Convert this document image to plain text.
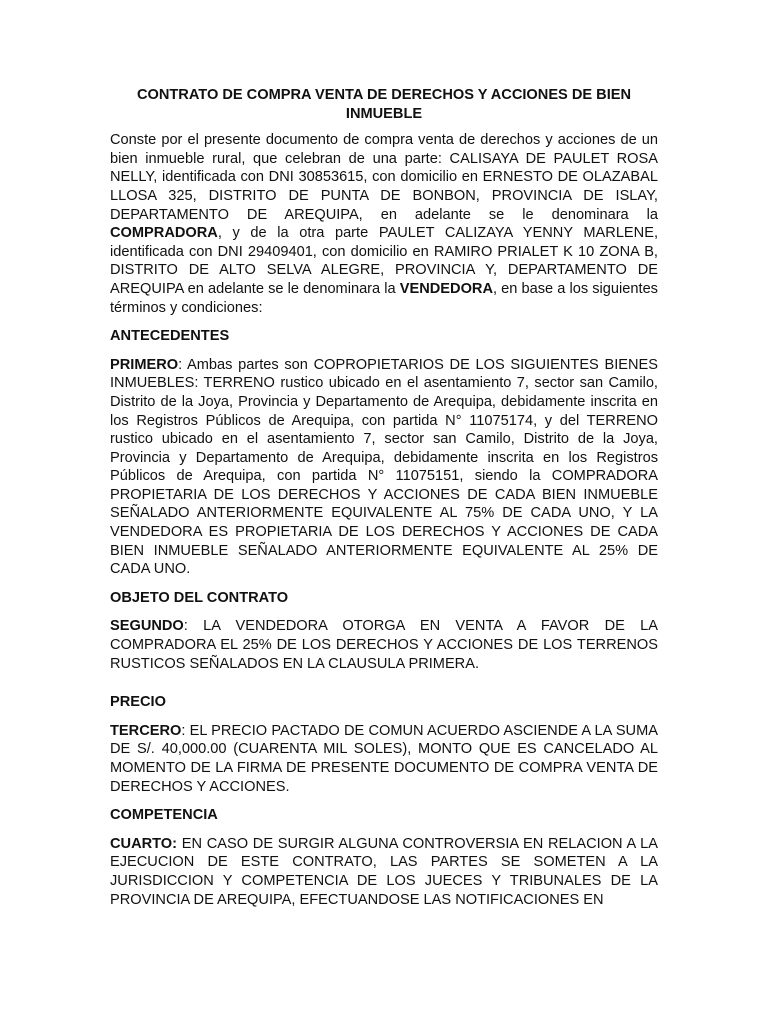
CONTRATO DE COMPRA VENTA DE DERECHOS Y ACCIONES DE BIEN INMUEBLE

Conste por el presente documento de compra venta de derechos y acciones de un bien inmueble rural, que celebran de una parte: CALISAYA DE PAULET ROSA NELLY, identificada con DNI 30853615, con domicilio en ERNESTO DE OLAZABAL LLOSA 325, DISTRITO DE PUNTA DE BONBON, PROVINCIA DE ISLAY, DEPARTAMENTO DE AREQUIPA, en adelante se le denominara la COMPRADORA, y de la otra parte PAULET CALIZAYA YENNY MARLENE, identificada con DNI 29409401, con domicilio en RAMIRO PRIALET K 10 ZONA B, DISTRITO DE ALTO SELVA ALEGRE, PROVINCIA Y, DEPARTAMENTO DE AREQUIPA en adelante se le denominara la VENDEDORA, en base a los siguientes términos y condiciones:

ANTECEDENTES

PRIMERO: Ambas partes son COPROPIETARIOS DE LOS SIGUIENTES BIENES INMUEBLES: TERRENO rustico ubicado en el asentamiento 7, sector san Camilo, Distrito de la Joya, Provincia y Departamento de Arequipa, debidamente inscrita en los Registros Públicos de Arequipa, con partida N° 11075174, y del TERRENO rustico ubicado en el asentamiento 7, sector san Camilo, Distrito de la Joya, Provincia y Departamento de Arequipa, debidamente inscrita en los Registros Públicos de Arequipa, con partida N° 11075151, siendo la COMPRADORA PROPIETARIA DE LOS DERECHOS Y ACCIONES DE CADA BIEN INMUEBLE SEÑALADO ANTERIORMENTE EQUIVALENTE AL 75% DE CADA UNO, Y LA VENDEDORA ES PROPIETARIA DE LOS DERECHOS Y ACCIONES DE CADA BIEN INMUEBLE SEÑALADO ANTERIORMENTE EQUIVALENTE AL 25% DE CADA UNO.

OBJETO DEL CONTRATO

SEGUNDO: LA VENDEDORA OTORGA EN VENTA A FAVOR DE LA COMPRADORA EL 25% DE LOS DERECHOS Y ACCIONES DE LOS TERRENOS RUSTICOS SEÑALADOS EN LA CLAUSULA PRIMERA.

PRECIO

TERCERO: EL PRECIO PACTADO DE COMUN ACUERDO ASCIENDE A LA SUMA DE S/. 40,000.00 (CUARENTA MIL SOLES), MONTO QUE ES CANCELADO AL MOMENTO DE LA FIRMA DE PRESENTE DOCUMENTO DE COMPRA VENTA DE DERECHOS Y ACCIONES.

COMPETENCIA

CUARTO: EN CASO DE SURGIR ALGUNA CONTROVERSIA EN RELACION A LA EJECUCION DE ESTE CONTRATO, LAS PARTES SE SOMETEN A LA JURISDICCION Y COMPETENCIA DE LOS JUECES Y TRIBUNALES DE LA PROVINCIA DE AREQUIPA, EFECTUANDOSE LAS NOTIFICACIONES EN
